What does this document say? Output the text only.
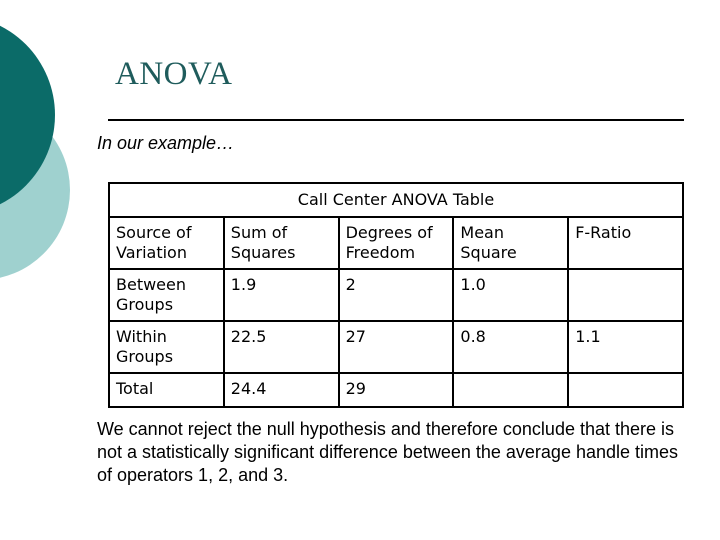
ANOVA
In our example…
Call Center ANOVA Table
Source of Variation	Sum of Squares	Degrees of Freedom	Mean Square	F-Ratio
Between Groups	1.9	2	1.0	
Within Groups	22.5	27	0.8	1.1
Total	24.4	29		
We cannot reject the null hypothesis and therefore conclude that there is not a statistically significant difference between the average handle times of operators 1, 2, and 3.
